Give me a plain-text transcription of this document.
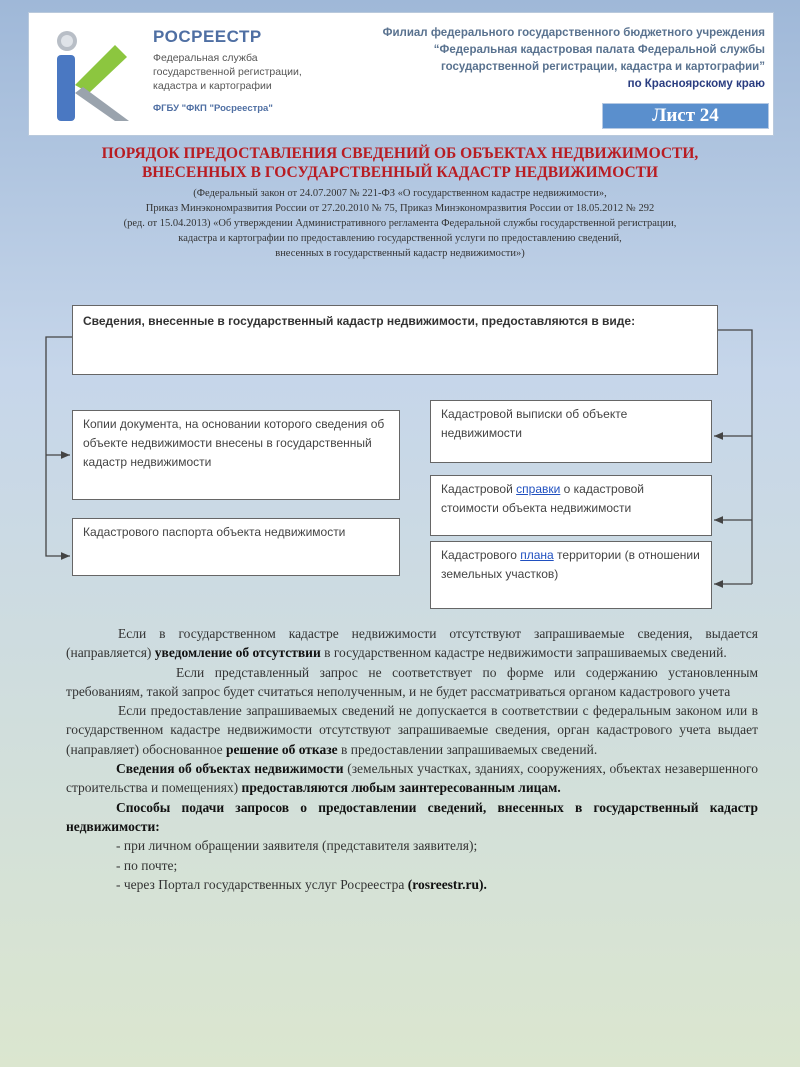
РОСРЕЕСТР
Федеральная служба
государственной регистрации,
кадастра и картографии
ФГБУ "ФКП "Росреестра"
Филиал федерального государственного бюджетного учреждения
“Федеральная кадастровая палата Федеральной службы
государственной регистрации, кадастра и картографии”
по Красноярскому краю
Лист 24
ПОРЯДОК ПРЕДОСТАВЛЕНИЯ СВЕДЕНИЙ ОБ ОБЪЕКТАХ НЕДВИЖИМОСТИ,
ВНЕСЕННЫХ В ГОСУДАРСТВЕННЫЙ КАДАСТР НЕДВИЖИМОСТИ
(Федеральный закон от 24.07.2007 № 221-ФЗ «О государственном кадастре недвижимости»,
Приказ Минэкономразвития России от 27.20.2010 № 75, Приказ Минэкономразвития России от 18.05.2012 № 292
(ред. от 15.04.2013) «Об утверждении Административного регламента Федеральной службы государственной регистрации,
кадастра и картографии по предоставлению государственной услуги по предоставлению сведений,
внесенных в государственный кадастр недвижимости»)
Сведения, внесенные в государственный кадастр недвижимости, предоставляются в виде:
Копии документа, на основании которого сведения об объекте недвижимости внесены в государственный кадастр недвижимости
Кадастрового паспорта объекта недвижимости
Кадастровой выписки об объекте недвижимости
Кадастровой справки о кадастровой стоимости объекта недвижимости
Кадастрового плана территории (в отношении земельных участков)

Если в государственном кадастре недвижимости отсутствуют запрашиваемые сведения, выдается (направляется) уведомление об отсутствии в государственном кадастре недвижимости запрашиваемых сведений.

Если представленный запрос не соответствует по форме или содержанию установленным требованиям, такой запрос будет считаться неполученным, и не будет рассматриваться органом кадастрового учета

Если предоставление запрашиваемых сведений не допускается в соответствии с федеральным законом или в государственном кадастре недвижимости отсутствуют запрашиваемые сведения, орган кадастрового учета выдает (направляет) обоснованное решение об отказе в предоставлении запрашиваемых сведений.

Сведения об объектах недвижимости (земельных участках, зданиях, сооружениях, объектах незавершенного строительства и помещениях) предоставляются любым заинтересованным лицам.

Способы подачи запросов о предоставлении сведений, внесенных в государственный кадастр недвижимости:

- при личном обращении заявителя (представителя заявителя);

- по почте;

- через Портал государственных услуг Росреестра (rosreestr.ru).
